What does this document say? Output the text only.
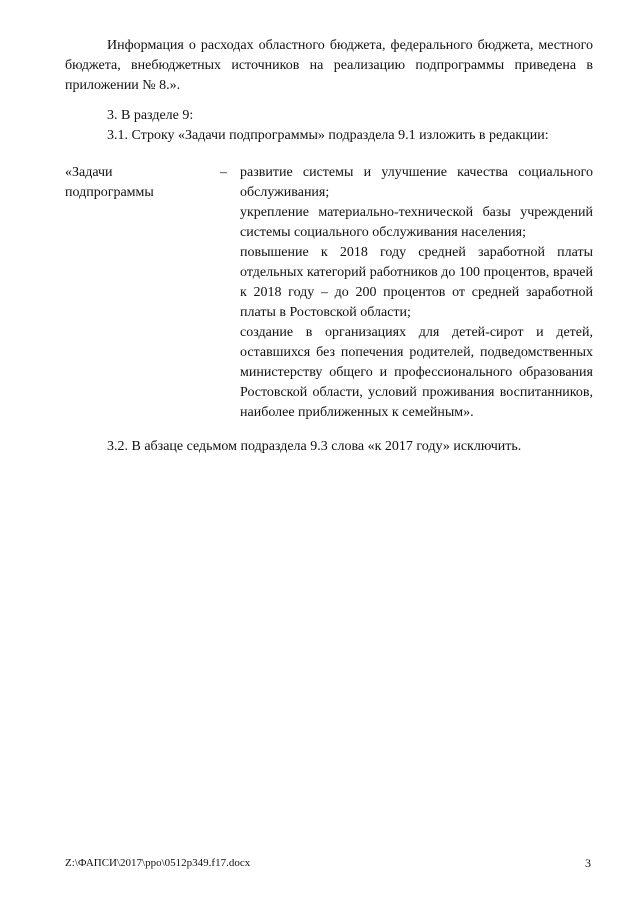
Информация о расходах областного бюджета, федерального бюджета, местного бюджета, внебюджетных источников на реализацию подпрограммы приведена в приложении № 8.».

3. В разделе 9:

3.1. Строку «Задачи подпрограммы» подраздела 9.1 изложить в редакции:

«Задачи подпрограммы
– развитие системы и улучшение качества социального обслуживания;

укрепление материально-технической базы учреждений системы социального обслуживания населения;

повышение к 2018 году средней заработной платы отдельных категорий работников до 100 процентов, врачей к 2018 году – до 200 процентов от средней заработной платы в Ростовской области;

создание в организациях для детей-сирот и детей, оставшихся без попечения родителей, подведомственных министерству общего и профессионального образования Ростовской области, условий проживания воспитанников, наиболее приближенных к семейным».

3.2. В абзаце седьмом подраздела 9.3 слова «к 2017 году» исключить.

Z:\ФАПСИ\2017\ppo\0512p349.f17.docx	3
